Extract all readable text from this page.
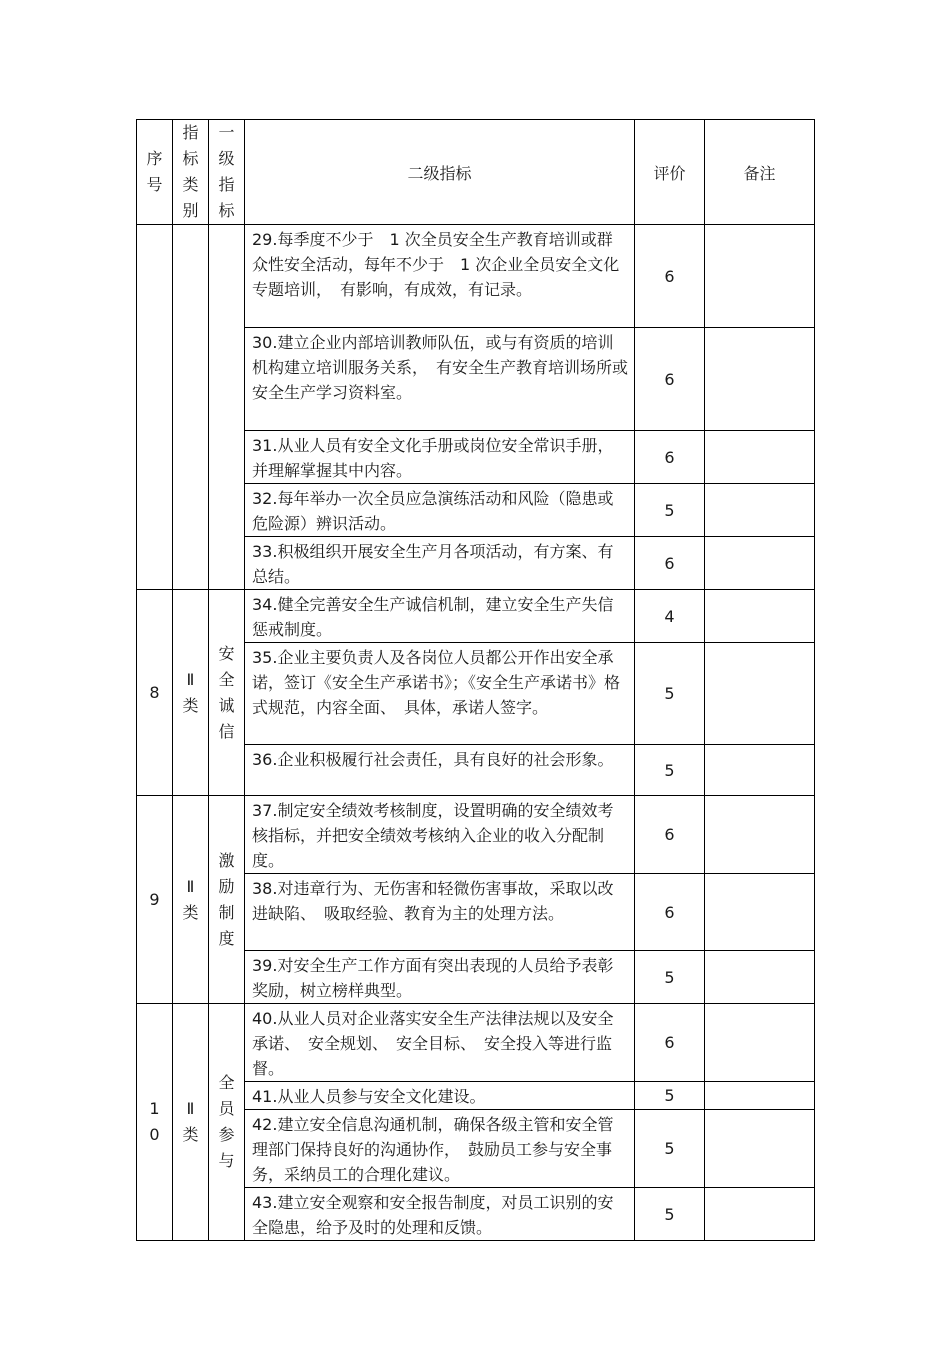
序号	指标类别	一级指标	二级指标	评价	备注

			29.每季度不少于　1 次全员安全生产教育培训或群众性安全活动，每年不少于　1 次企业全员安全文化专题培训，　有影响，有成效，有记录。	6	

			30.建立企业内部培训教师队伍，或与有资质的培训机构建立培训服务关系，　有安全生产教育培训场所或安全生产学习资料室。	6	

			31.从业人员有安全文化手册或岗位安全常识手册，并理解掌握其中内容。	6	

			32.每年举办一次全员应急演练活动和风险（隐患或危险源）辨识活动。	5	

			33.积极组织开展安全生产月各项活动，有方案、有总结。	6	
8	Ⅱ类	安全诚信	34.健全完善安全生产诚信机制，建立安全生产失信惩戒制度。	4	

			35.企业主要负责人及各岗位人员都公开作出安全承诺，签订《安全生产承诺书》；《安全生产承诺书》格式规范，内容全面、　具体，承诺人签字。	5	

			36.企业积极履行社会责任，具有良好的社会形象。	5	
9	Ⅱ类	激励制度	37.制定安全绩效考核制度，设置明确的安全绩效考核指标，并把安全绩效考核纳入企业的收入分配制度。	6	

			38.对违章行为、无伤害和轻微伤害事故，采取以改进缺陷、　吸取经验、教育为主的处理方法。	6	

			39.对安全生产工作方面有突出表现的人员给予表彰奖励，树立榜样典型。	5	
10	Ⅱ类	全员参与	40.从业人员对企业落实安全生产法律法规以及安全承诺、　安全规划、　安全目标、　安全投入等进行监督。	6	

			41.从业人员参与安全文化建设。	5	

			42.建立安全信息沟通机制，确保各级主管和安全管理部门保持良好的沟通协作，　鼓励员工参与安全事务，采纳员工的合理化建议。	5	

			43.建立安全观察和安全报告制度，对员工识别的安全隐患，给予及时的处理和反馈。	5	
